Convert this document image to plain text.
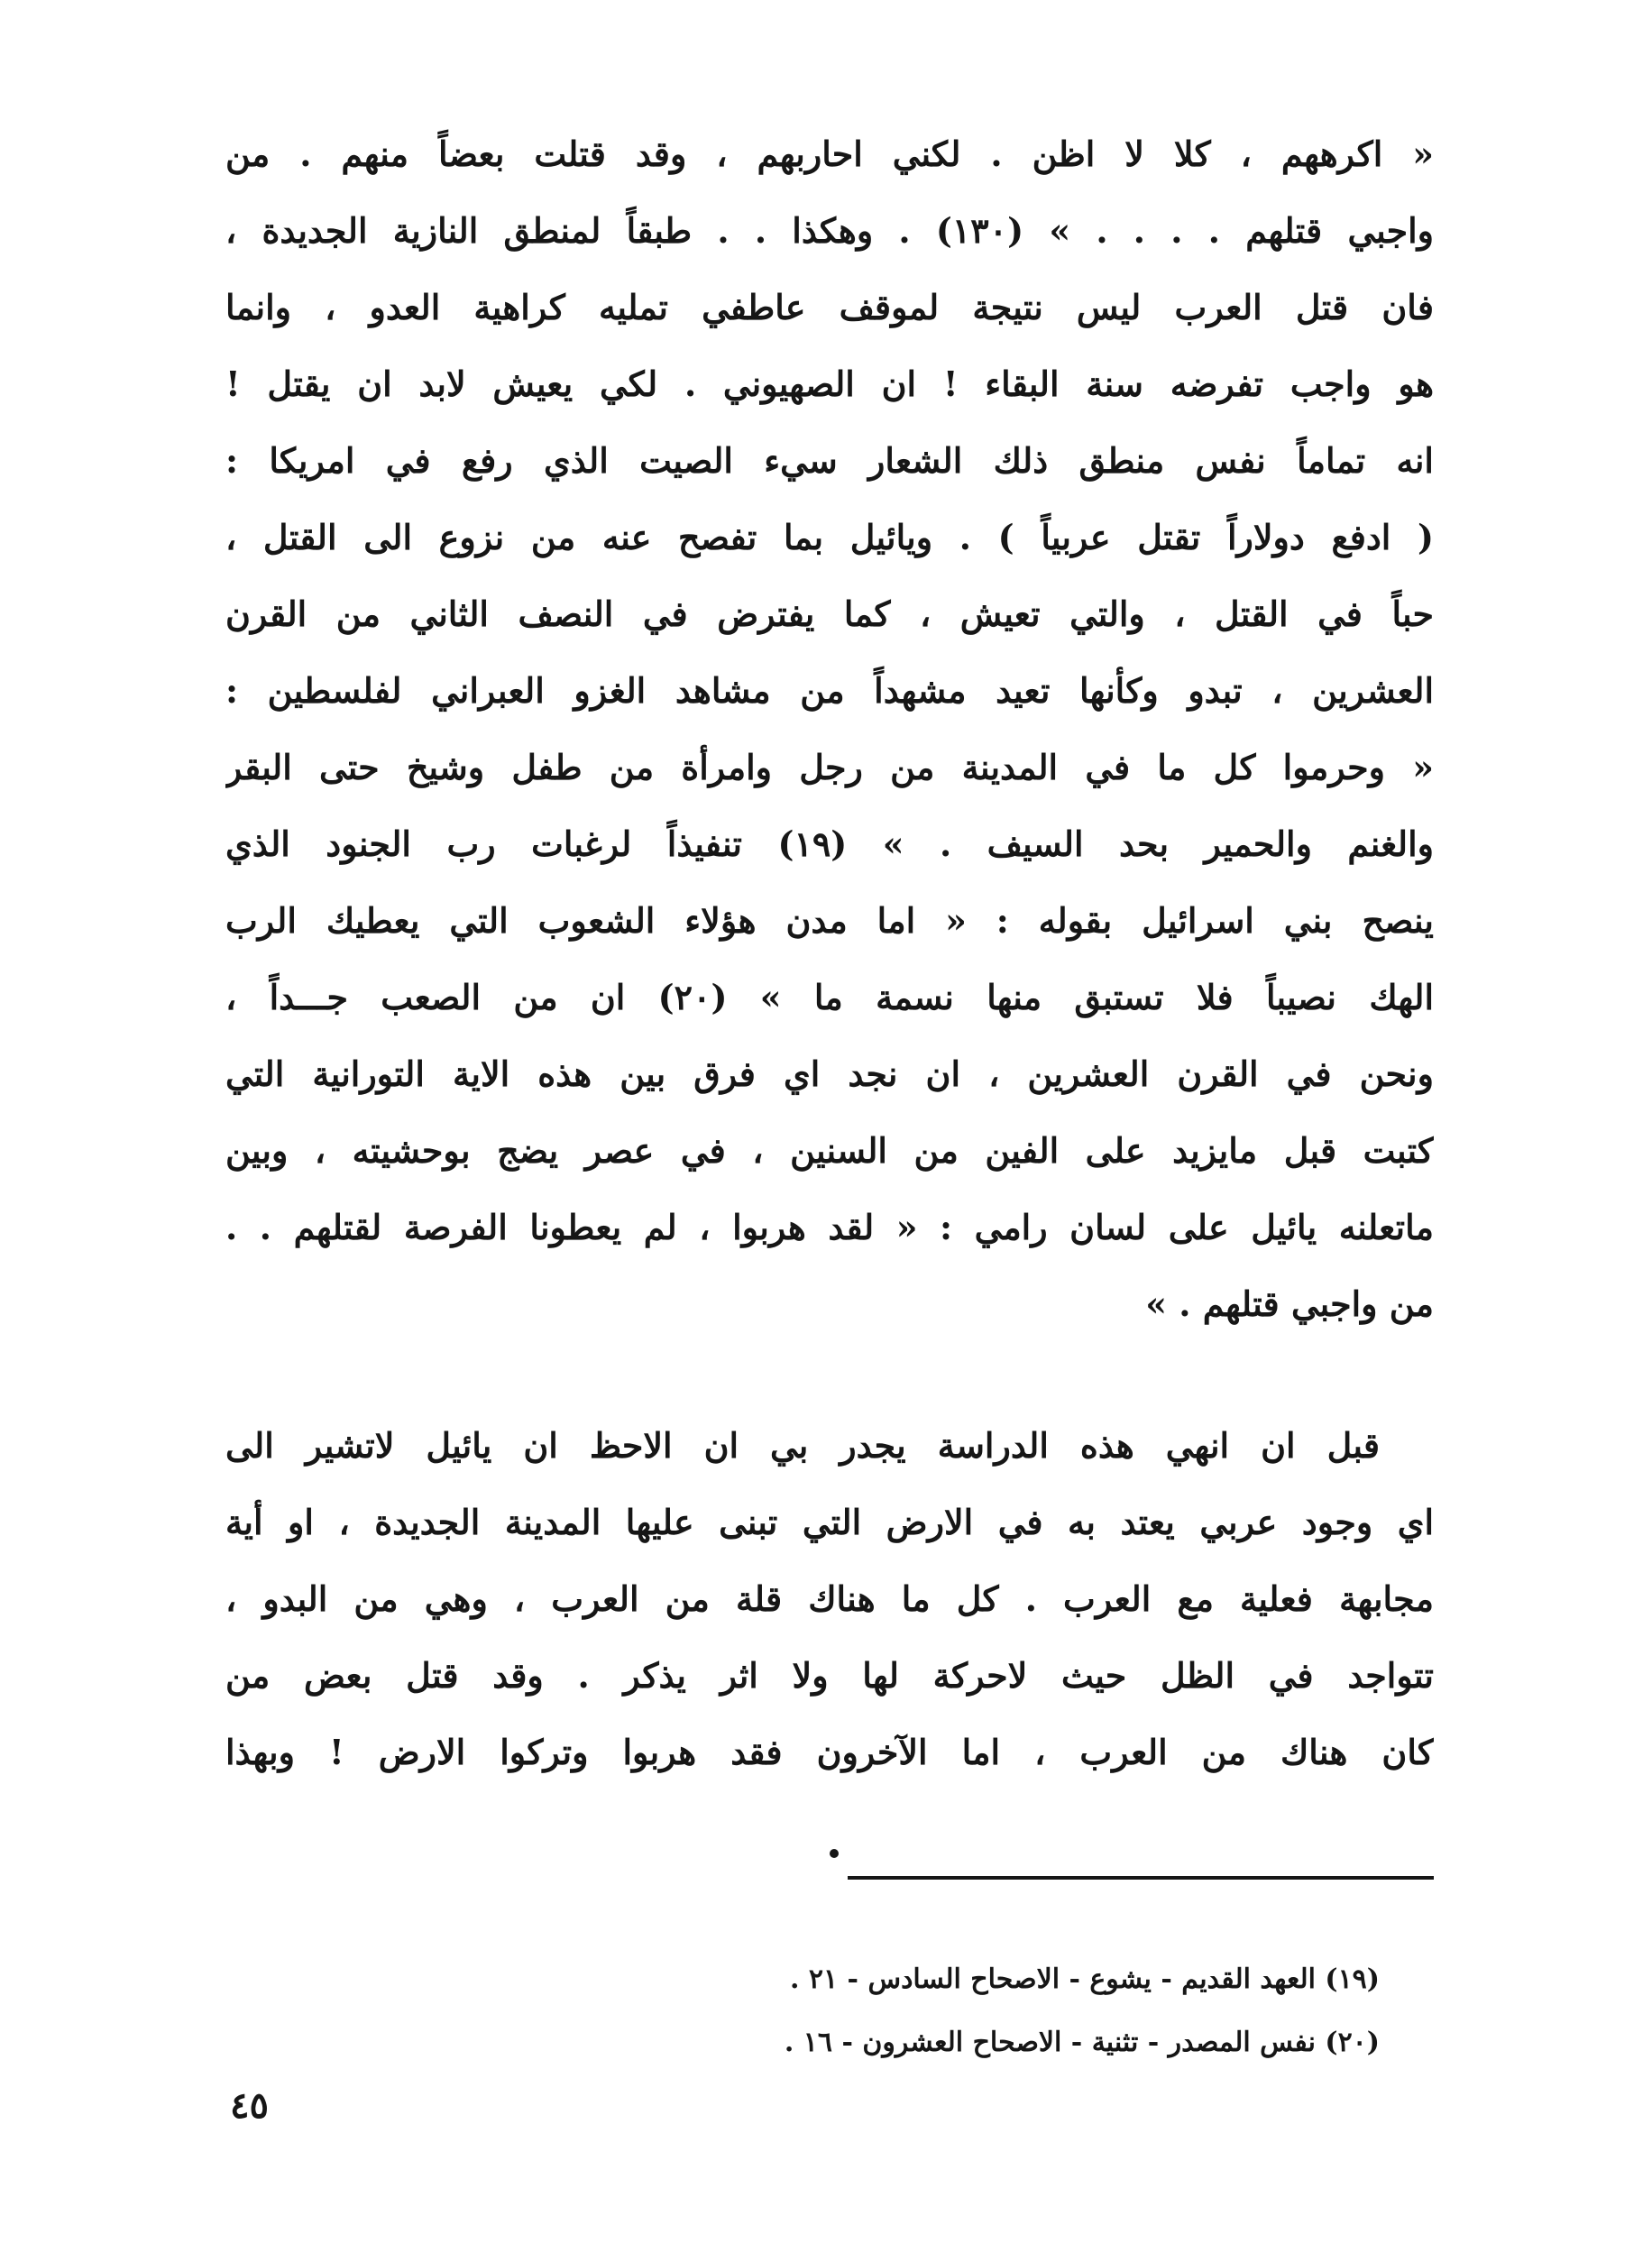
« اكرههم ، كلا لا اظن . لكني احاربهم ، وقد قتلت بعضاً منهم . من
واجبي قتلهم . . . . » (١٣٠) . وهكذا . . طبقاً لمنطق النازية الجديدة ،
فان قتل العرب ليس نتيجة لموقف عاطفي تمليه كراهية العدو ، وانما
هو واجب تفرضه سنة البقاء ! ان الصهيوني . لكي يعيش لابد ان يقتل !
انه تماماً نفس منطق ذلك الشعار سيء الصيت الذي رفع في امريكا :
( ادفع دولاراً تقتل عربياً ) . ويائيل بما تفصح عنه من نزوع الى القتل ،
حباً في القتل ، والتي تعيش ، كما يفترض في النصف الثاني من القرن
العشرين ، تبدو وكأنها تعيد مشهداً من مشاهد الغزو العبراني لفلسطين :
« وحرموا كل ما في المدينة من رجل وامرأة من طفل وشيخ حتى البقر
والغنم والحمير بحد السيف . » (١٩) تنفيذاً لرغبات رب الجنود الذي
ينصح بني اسرائيل بقوله : « اما مدن هؤلاء الشعوب التي يعطيك الرب
الهك نصيباً فلا تستبق منها نسمة ما » (٢٠) ان من الصعب جـــداً ،
ونحن في القرن العشرين ، ان نجد اي فرق بين هذه الاية التورانية التي
كتبت قبل مايزيد على الفين من السنين ، في عصر يضج بوحشيته ، وبين
ماتعلنه يائيل على لسان رامي : « لقد هربوا ، لم يعطونا الفرصة لقتلهم . .
من واجبي قتلهم . »
قبل ان انهي هذه الدراسة يجدر بي ان الاحظ ان يائيل لاتشير الى
اي وجود عربي يعتد به في الارض التي تبنى عليها المدينة الجديدة ، او أية
مجابهة فعلية مع العرب . كل ما هناك قلة من العرب ، وهي من البدو ،
تتواجد في الظل حيث لاحركة لها ولا اثر يذكر . وقد قتل بعض من
كان هناك من العرب ، اما الآخرون فقد هربوا وتركوا الارض ! وبهذا
(١٩) العهد القديم - يشوع - الاصحاح السادس - ٢١ .
(٢٠) نفس المصدر - تثنية - الاصحاح العشرون - ١٦ .
٤٥
